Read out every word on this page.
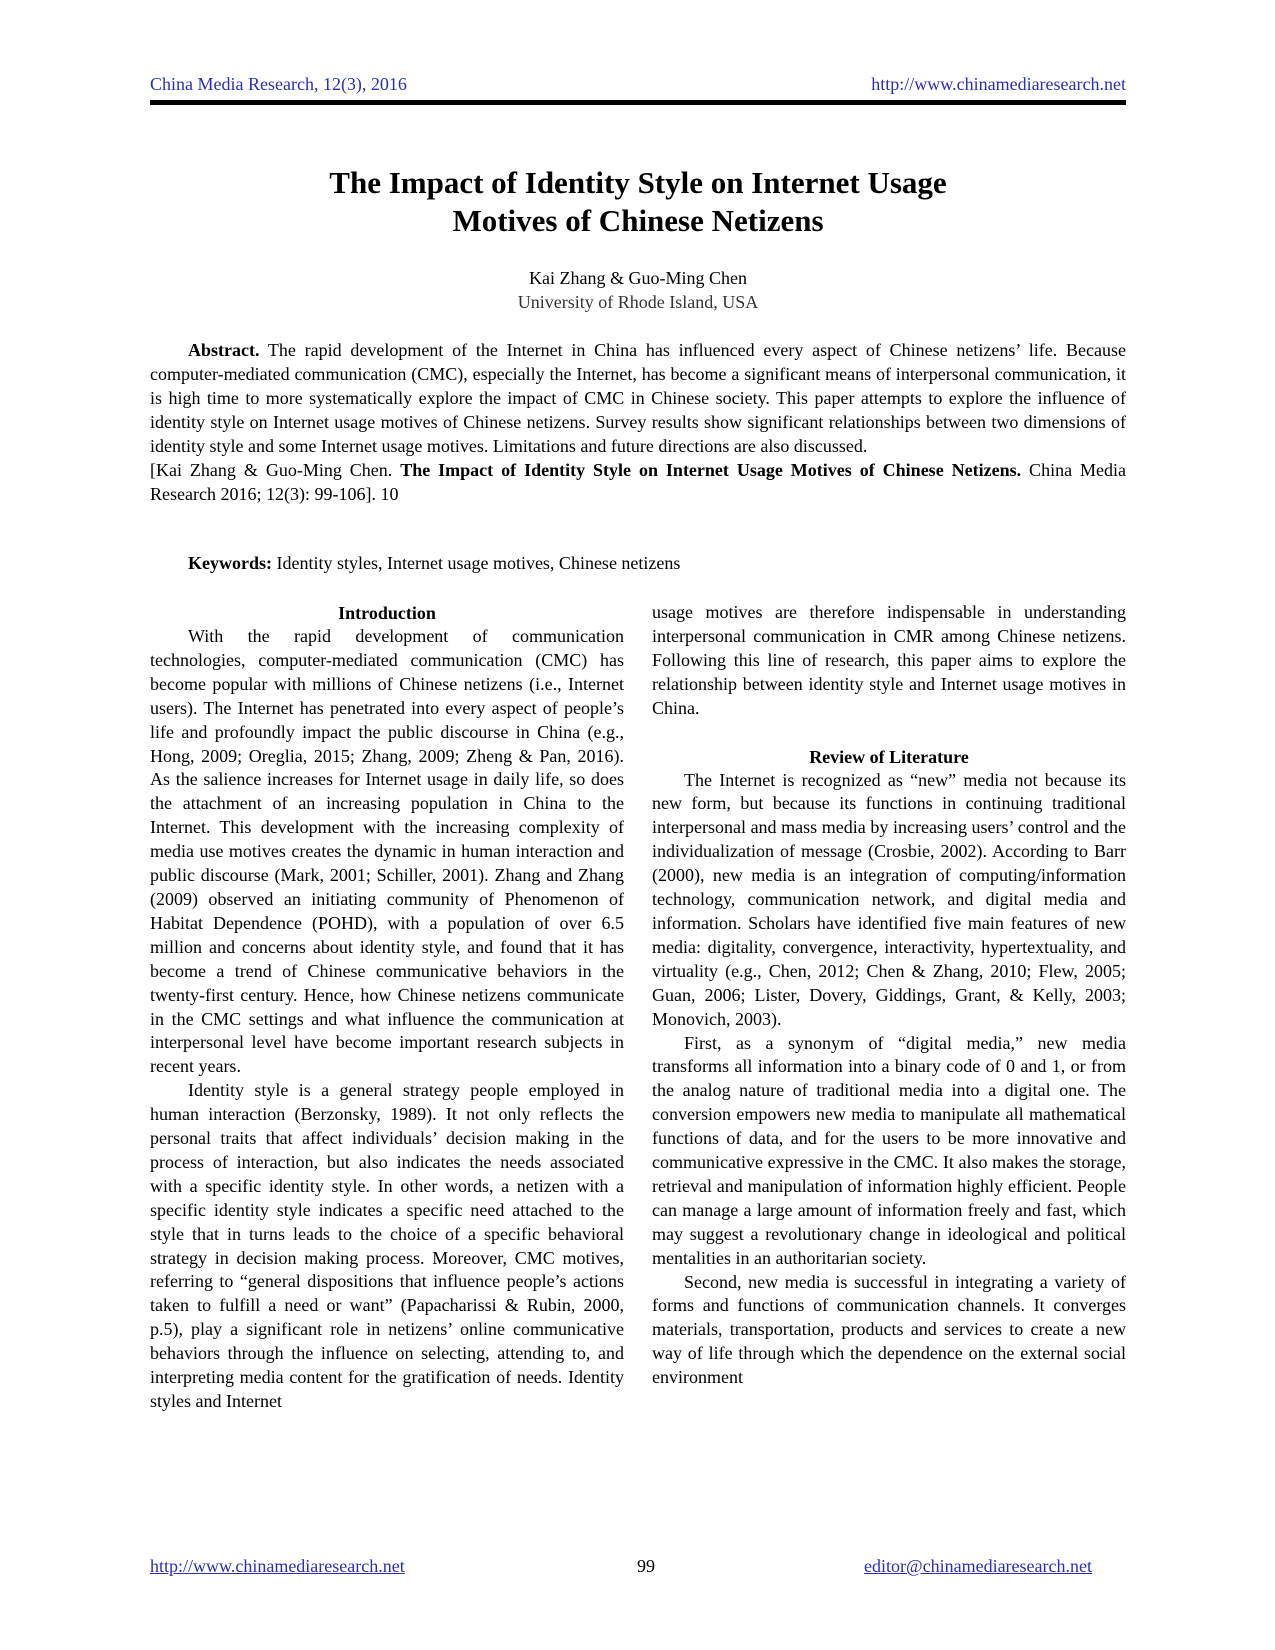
China Media Research, 12(3), 2016	http://www.chinamediaresearch.net
The Impact of Identity Style on Internet Usage
Motives of Chinese Netizens
Kai Zhang & Guo-Ming Chen
University of Rhode Island, USA

Abstract. The rapid development of the Internet in China has influenced every aspect of Chinese netizens’ life. Because computer-mediated communication (CMC), especially the Internet, has become a significant means of interpersonal communication, it is high time to more systematically explore the impact of CMC in Chinese society. This paper attempts to explore the influence of identity style on Internet usage motives of Chinese netizens. Survey results show significant relationships between two dimensions of identity style and some Internet usage motives. Limitations and future directions are also discussed.

[Kai Zhang & Guo-Ming Chen. The Impact of Identity Style on Internet Usage Motives of Chinese Netizens. China Media Research 2016; 12(3): 99-106]. 10

Keywords: Identity styles, Internet usage motives, Chinese netizens
Introduction

With the rapid development of communication technologies, computer-mediated communication (CMC) has become popular with millions of Chinese netizens (i.e., Internet users). The Internet has penetrated into every aspect of people’s life and profoundly impact the public discourse in China (e.g., Hong, 2009; Oreglia, 2015; Zhang, 2009; Zheng & Pan, 2016). As the salience increases for Internet usage in daily life, so does the attachment of an increasing population in China to the Internet. This development with the increasing complexity of media use motives creates the dynamic in human interaction and public discourse (Mark, 2001; Schiller, 2001). Zhang and Zhang (2009) observed an initiating community of Phenomenon of Habitat Dependence (POHD), with a population of over 6.5 million and concerns about identity style, and found that it has become a trend of Chinese communicative behaviors in the twenty-first century. Hence, how Chinese netizens communicate in the CMC settings and what influence the communication at interpersonal level have become important research subjects in recent years.

Identity style is a general strategy people employed in human interaction (Berzonsky, 1989). It not only reflects the personal traits that affect individuals’ decision making in the process of interaction, but also indicates the needs associated with a specific identity style. In other words, a netizen with a specific identity style indicates a specific need attached to the style that in turns leads to the choice of a specific behavioral strategy in decision making process. Moreover, CMC motives, referring to “general dispositions that influence people’s actions taken to fulfill a need or want” (Papacharissi & Rubin, 2000, p.5), play a significant role in netizens’ online communicative behaviors through the influence on selecting, attending to, and interpreting media content for the gratification of needs. Identity styles and Internet

usage motives are therefore indispensable in understanding interpersonal communication in CMR among Chinese netizens. Following this line of research, this paper aims to explore the relationship between identity style and Internet usage motives in China.

Review of Literature

The Internet is recognized as “new” media not because its new form, but because its functions in continuing traditional interpersonal and mass media by increasing users’ control and the individualization of message (Crosbie, 2002). According to Barr (2000), new media is an integration of computing/information technology, communication network, and digital media and information. Scholars have identified five main features of new media: digitality, convergence, interactivity, hypertextuality, and virtuality (e.g., Chen, 2012; Chen & Zhang, 2010; Flew, 2005; Guan, 2006; Lister, Dovery, Giddings, Grant, & Kelly, 2003; Monovich, 2003).

First, as a synonym of “digital media,” new media transforms all information into a binary code of 0 and 1, or from the analog nature of traditional media into a digital one. The conversion empowers new media to manipulate all mathematical functions of data, and for the users to be more innovative and communicative expressive in the CMC. It also makes the storage, retrieval and manipulation of information highly efficient. People can manage a large amount of information freely and fast, which may suggest a revolutionary change in ideological and political mentalities in an authoritarian society.

Second, new media is successful in integrating a variety of forms and functions of communication channels. It converges materials, transportation, products and services to create a new way of life through which the dependence on the external social environment

http://www.chinamediaresearch.net	99	editor@chinamediaresearch.net
